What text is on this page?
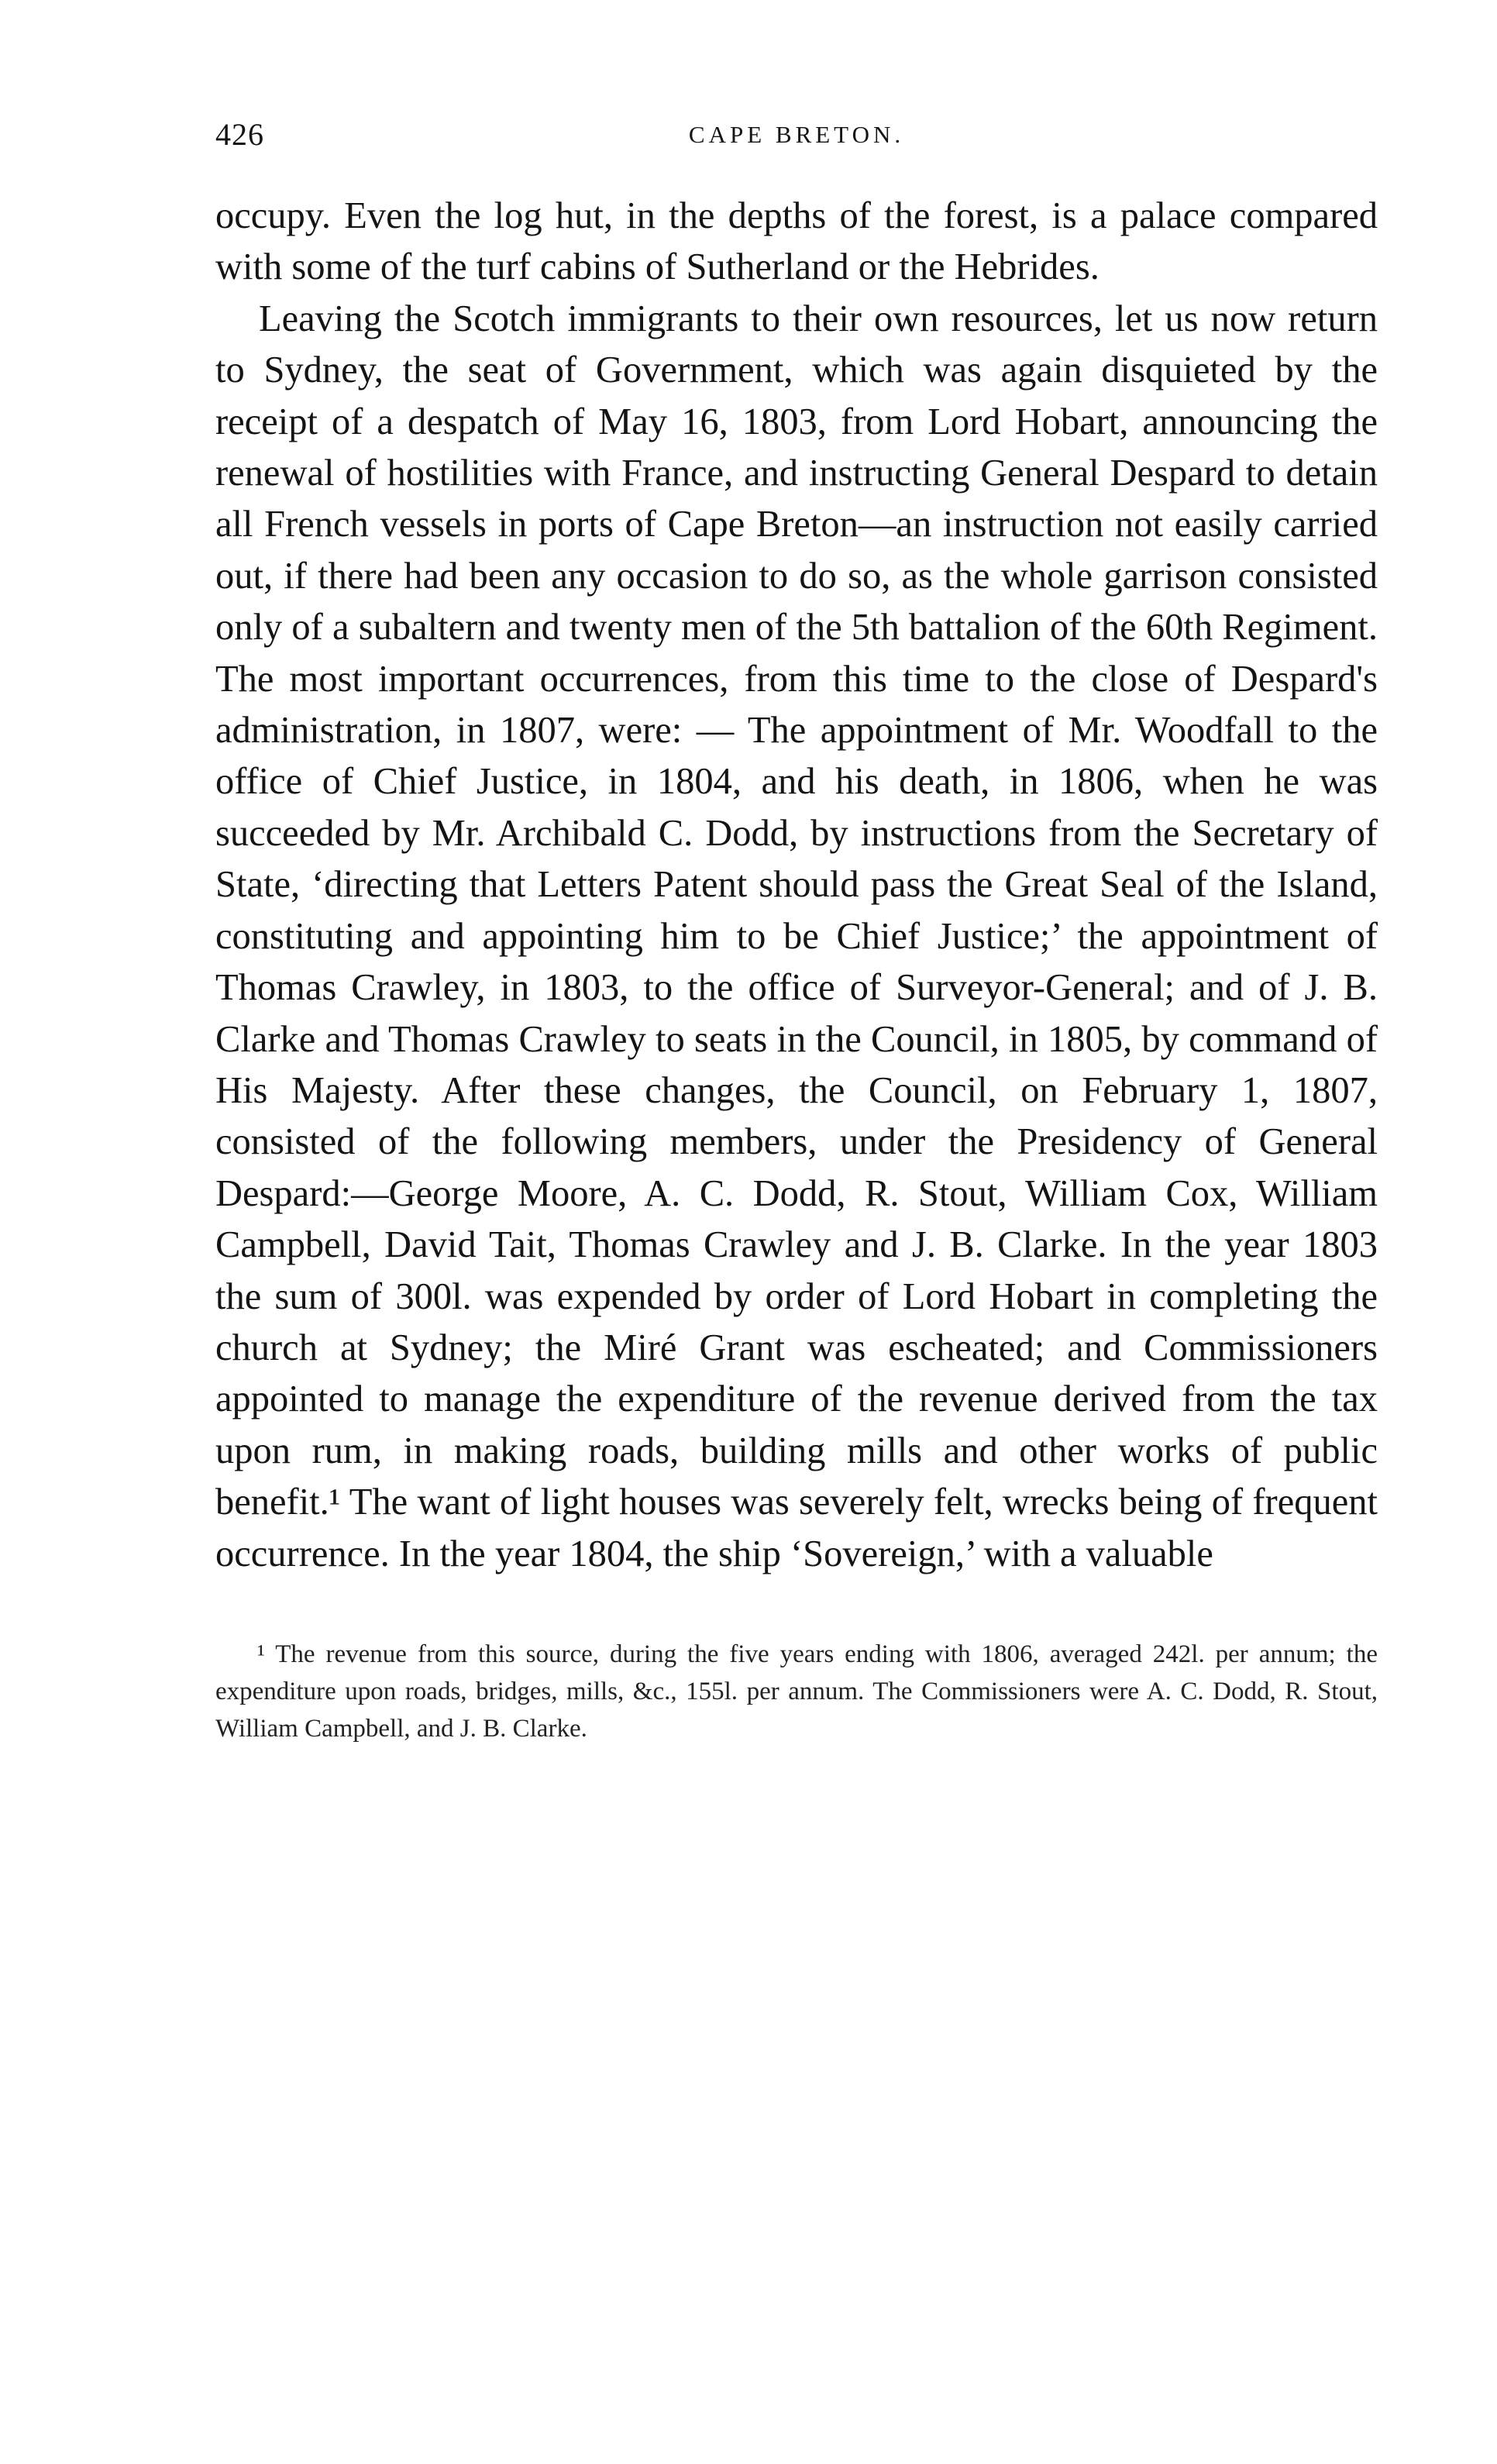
426	CAPE BRETON.

occupy. Even the log hut, in the depths of the forest, is a palace compared with some of the turf cabins of Sutherland or the Hebrides.

Leaving the Scotch immigrants to their own resources, let us now return to Sydney, the seat of Government, which was again disquieted by the receipt of a despatch of May 16, 1803, from Lord Hobart, announcing the renewal of hostilities with France, and instructing General Despard to detain all French vessels in ports of Cape Breton—an instruction not easily carried out, if there had been any occasion to do so, as the whole garrison consisted only of a subaltern and twenty men of the 5th battalion of the 60th Regiment. The most important occurrences, from this time to the close of Despard's administration, in 1807, were: — The appointment of Mr. Woodfall to the office of Chief Justice, in 1804, and his death, in 1806, when he was succeeded by Mr. Archibald C. Dodd, by instructions from the Secretary of State, ‘directing that Letters Patent should pass the Great Seal of the Island, constituting and appointing him to be Chief Justice;’ the appointment of Thomas Crawley, in 1803, to the office of Surveyor-General; and of J. B. Clarke and Thomas Crawley to seats in the Council, in 1805, by command of His Majesty. After these changes, the Council, on February 1, 1807, consisted of the following members, under the Presidency of General Despard:—George Moore, A. C. Dodd, R. Stout, William Cox, William Campbell, David Tait, Thomas Crawley and J. B. Clarke. In the year 1803 the sum of 300l. was expended by order of Lord Hobart in completing the church at Sydney; the Miré Grant was escheated; and Commissioners appointed to manage the expenditure of the revenue derived from the tax upon rum, in making roads, building mills and other works of public benefit.¹ The want of light houses was severely felt, wrecks being of frequent occurrence. In the year 1804, the ship ‘Sovereign,’ with a valuable

¹ The revenue from this source, during the five years ending with 1806, averaged 242l. per annum; the expenditure upon roads, bridges, mills, &c., 155l. per annum. The Commissioners were A. C. Dodd, R. Stout, William Campbell, and J. B. Clarke.
